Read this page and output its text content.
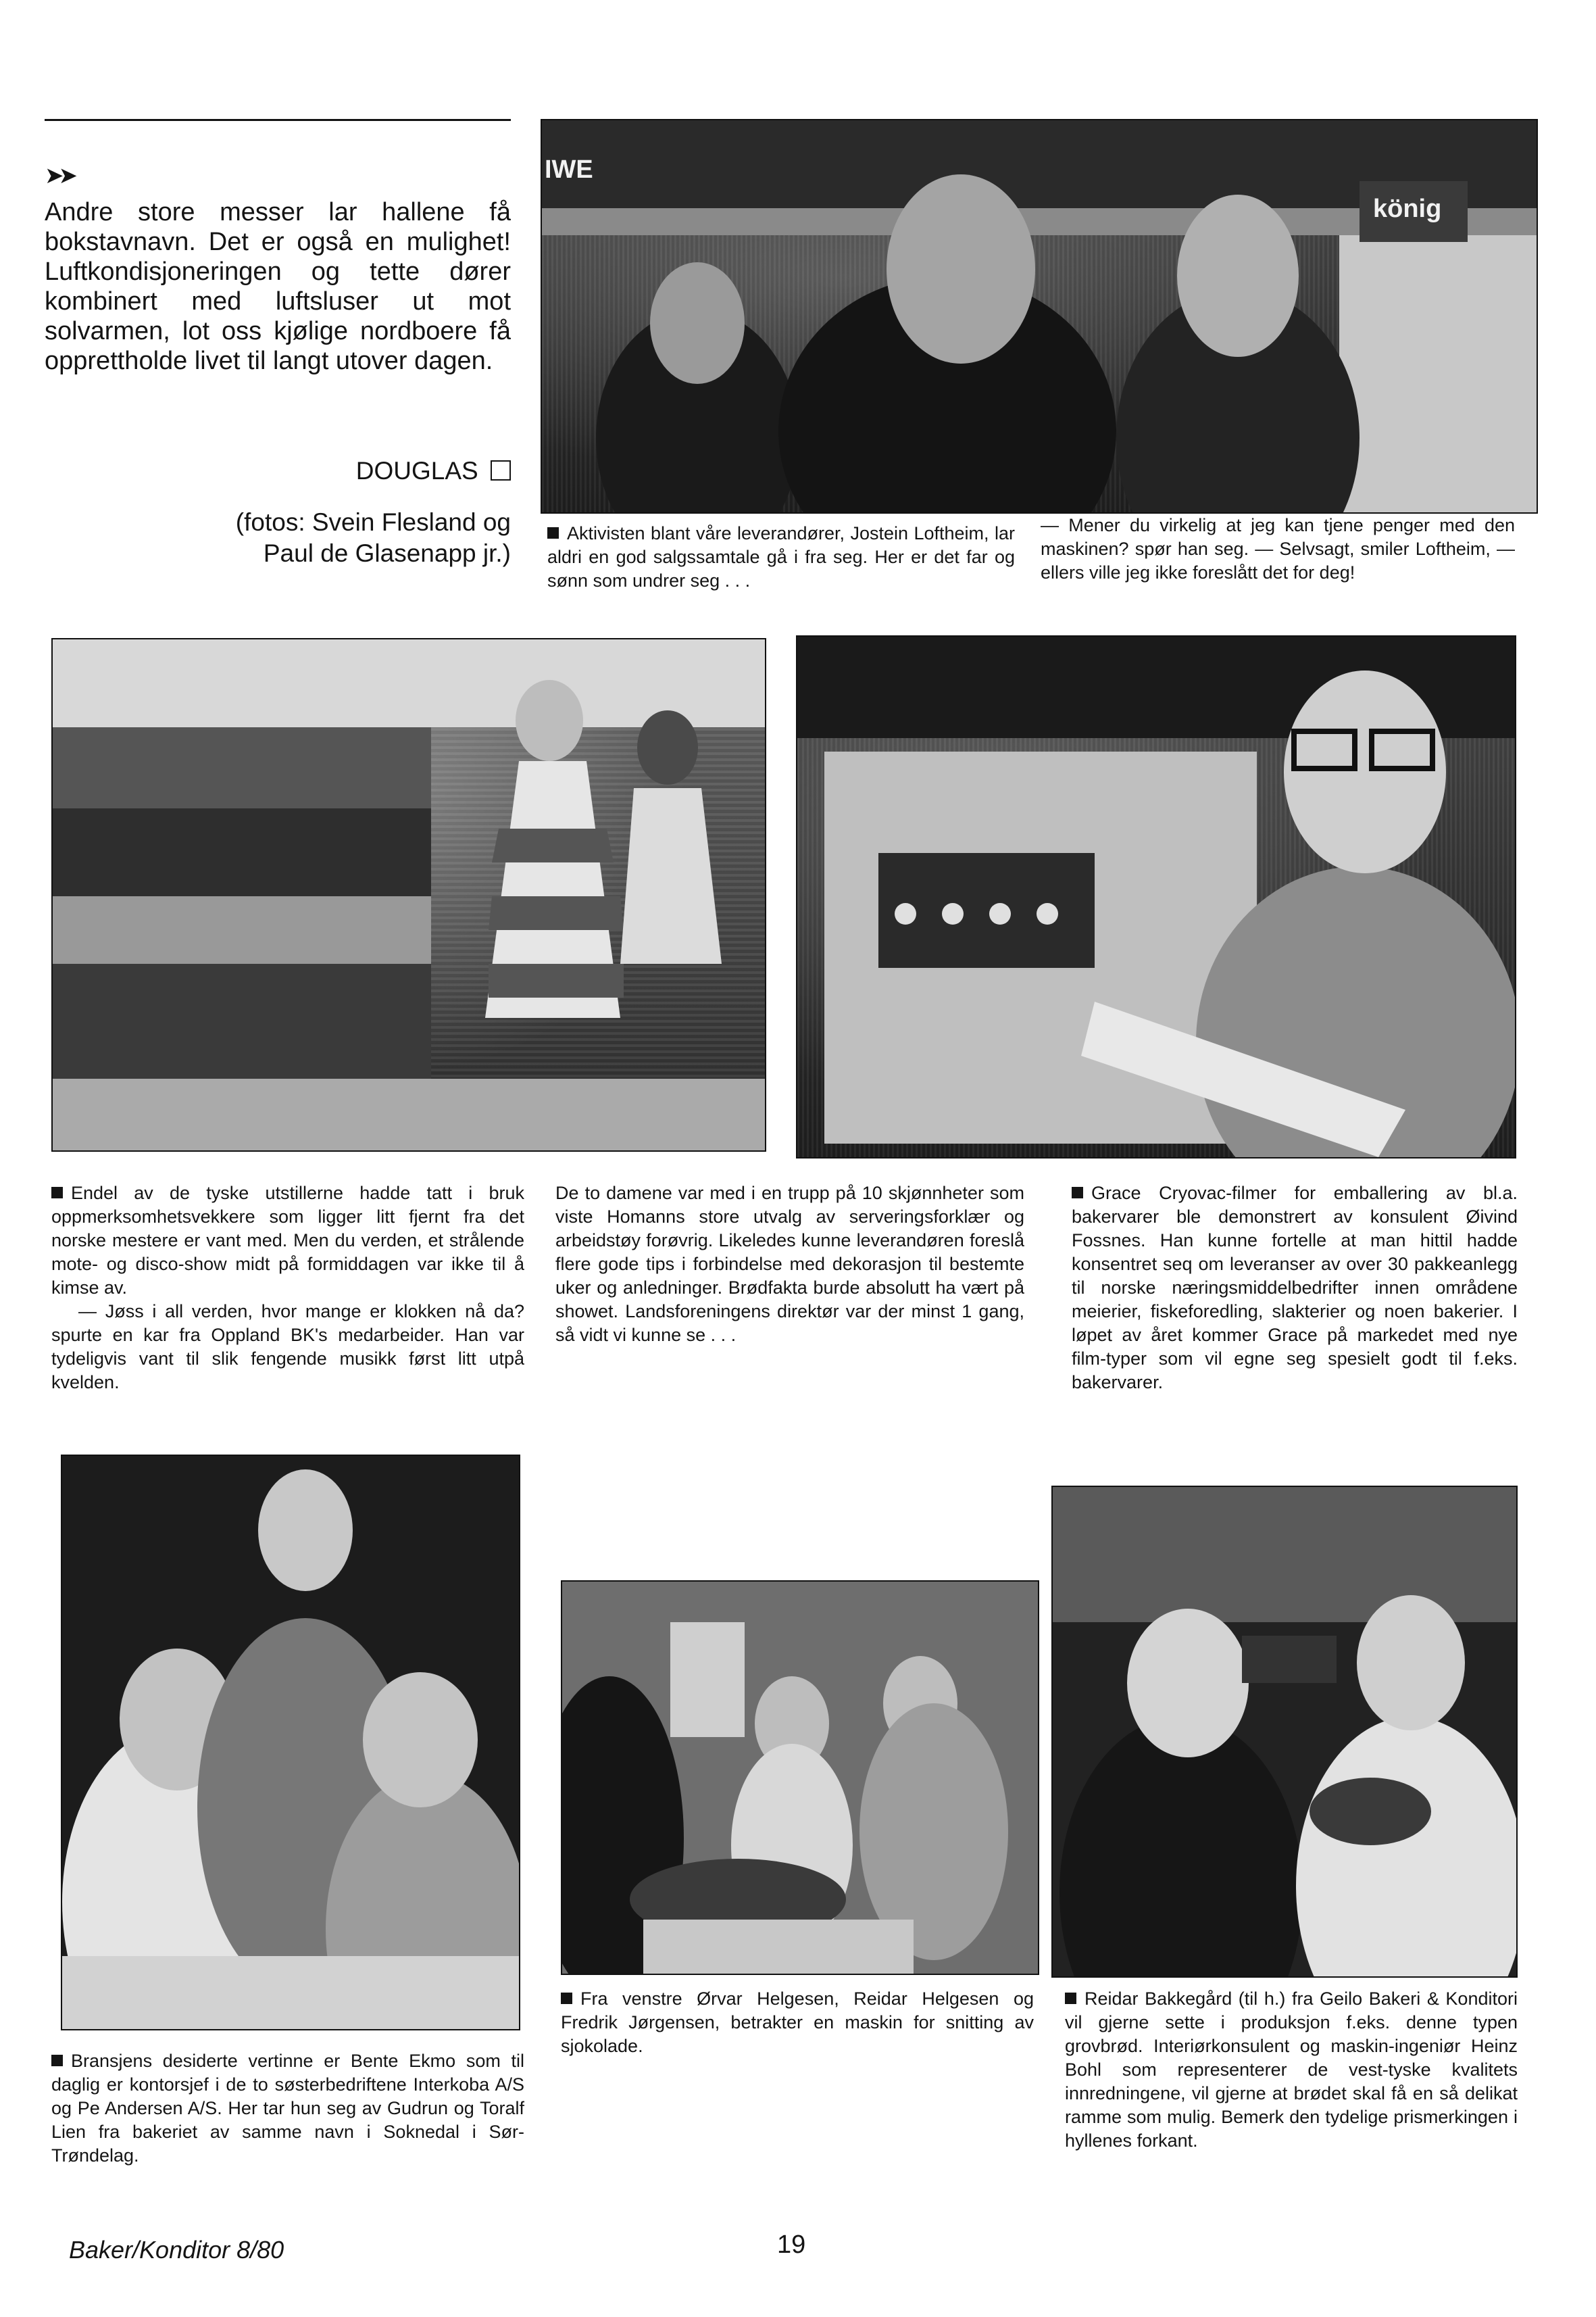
➤➤
Andre store messer lar hallene få bokstavnavn. Det er også en mulighet! Luftkondisjoneringen og tette dører kombinert med luftsluser ut mot solvarmen, lot oss kjølige nordboere få opprettholde livet til langt utover dagen.
DOUGLAS
(fotos: Svein Flesland og Paul de Glasenapp jr.)
IWE
könig
Aktivisten blant våre leverandører, Jostein Loftheim, lar aldri en god salgssamtale gå i fra seg. Her er det far og sønn som undrer seg . . .
— Mener du virkelig at jeg kan tjene penger med den maskinen? spør han seg. — Selvsagt, smiler Loftheim, — ellers ville jeg ikke foreslått det for deg!

Endel av de tyske utstillerne hadde tatt i bruk oppmerksomhetsvekkere som ligger litt fjernt fra det norske mestere er vant med. Men du verden, et strålende mote- og disco-show midt på formiddagen var ikke til å kimse av.

— Jøss i all verden, hvor mange er klokken nå da? spurte en kar fra Oppland BK's medarbeider. Han var tydeligvis vant til slik fengende musikk først litt utpå kvelden.

De to damene var med i en trupp på 10 skjønnheter som viste Homanns store utvalg av serveringsforklær og arbeidstøy forøvrig. Likeledes kunne leverandøren foreslå flere gode tips i forbindelse med dekorasjon til bestemte uker og anledninger. Brødfakta burde absolutt ha vært på showet. Landsforeningens direktør var der minst 1 gang, så vidt vi kunne se . . .
Grace Cryovac-filmer for emballering av bl.a. bakervarer ble demonstrert av konsulent Øivind Fossnes. Han kunne fortelle at man hittil hadde konsentret seq om leveranser av over 30 pakkeanlegg til norske næringsmiddelbedrifter innen områdene meierier, fiskeforedling, slakterier og noen bakerier. I løpet av året kommer Grace på markedet med nye film-typer som vil egne seg spesielt godt til f.eks. bakervarer.
Bransjens desiderte vertinne er Bente Ekmo som til daglig er kontorsjef i de to søsterbedriftene Interkoba A/S og Pe Andersen A/S. Her tar hun seg av Gudrun og Toralf Lien fra bakeriet av samme navn i Soknedal i Sør-Trøndelag.
Fra venstre Ørvar Helgesen, Reidar Helgesen og Fredrik Jørgensen, betrakter en maskin for snitting av sjokolade.
Reidar Bakkegård (til h.) fra Geilo Bakeri & Konditori vil gjerne sette i produksjon f.eks. denne typen grovbrød. Interiørkonsulent og maskin-ingeniør Heinz Bohl som representerer de vest-tyske kvalitets innredningene, vil gjerne at brødet skal få en så delikat ramme som mulig. Bemerk den tydelige prismerkingen i hyllenes forkant.
Baker/Konditor 8/80	19
